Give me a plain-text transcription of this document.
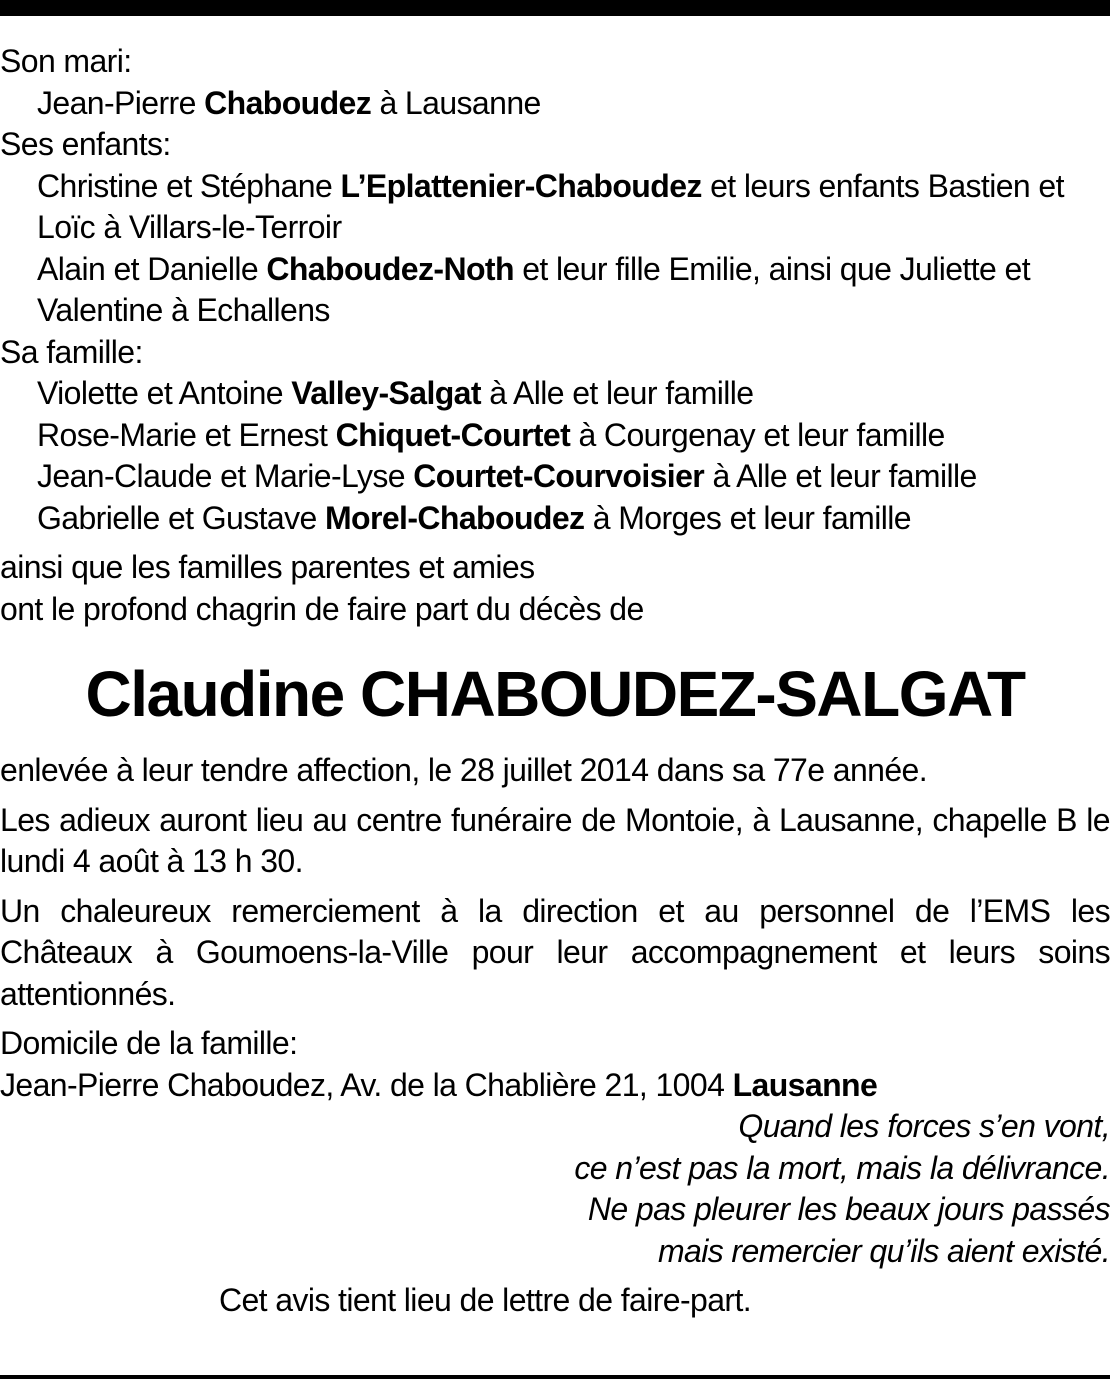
Son mari:

Jean-Pierre Chaboudez à Lausanne

Ses enfants:

Christine et Stéphane L’Eplattenier-Chaboudez et leurs enfants Bastien et Loïc à Villars-le-Terroir

Alain et Danielle Chaboudez-Noth et leur fille Emilie, ainsi que Juliette et Valentine à Echallens

Sa famille:

Violette et Antoine Valley-Salgat à Alle et leur famille

Rose-Marie et Ernest Chiquet-Courtet à Courgenay et leur famille

Jean-Claude et Marie-Lyse Courtet-Courvoisier à Alle et leur famille

Gabrielle et Gustave Morel-Chaboudez à Morges et leur famille

ainsi que les familles parentes et amies

ont le profond chagrin de faire part du décès de

Claudine CHABOUDEZ-SALGAT

enlevée à leur tendre affection, le 28 juillet 2014 dans sa 77e année.

Les adieux auront lieu au centre funéraire de Montoie, à Lausanne, chapelle B le lundi 4 août à 13 h 30.

Un chaleureux remerciement à la direction et au personnel de l’EMS les Châteaux à Goumoens-la-Ville pour leur accompagnement et leurs soins attentionnés.

Domicile de la famille:

Jean-Pierre Chaboudez, Av. de la Chablière 21, 1004 Lausanne

Quand les forces s’en vont,
ce n’est pas la mort, mais la délivrance.
Ne pas pleurer les beaux jours passés
mais remercier qu’ils aient existé.

Cet avis tient lieu de lettre de faire-part.
